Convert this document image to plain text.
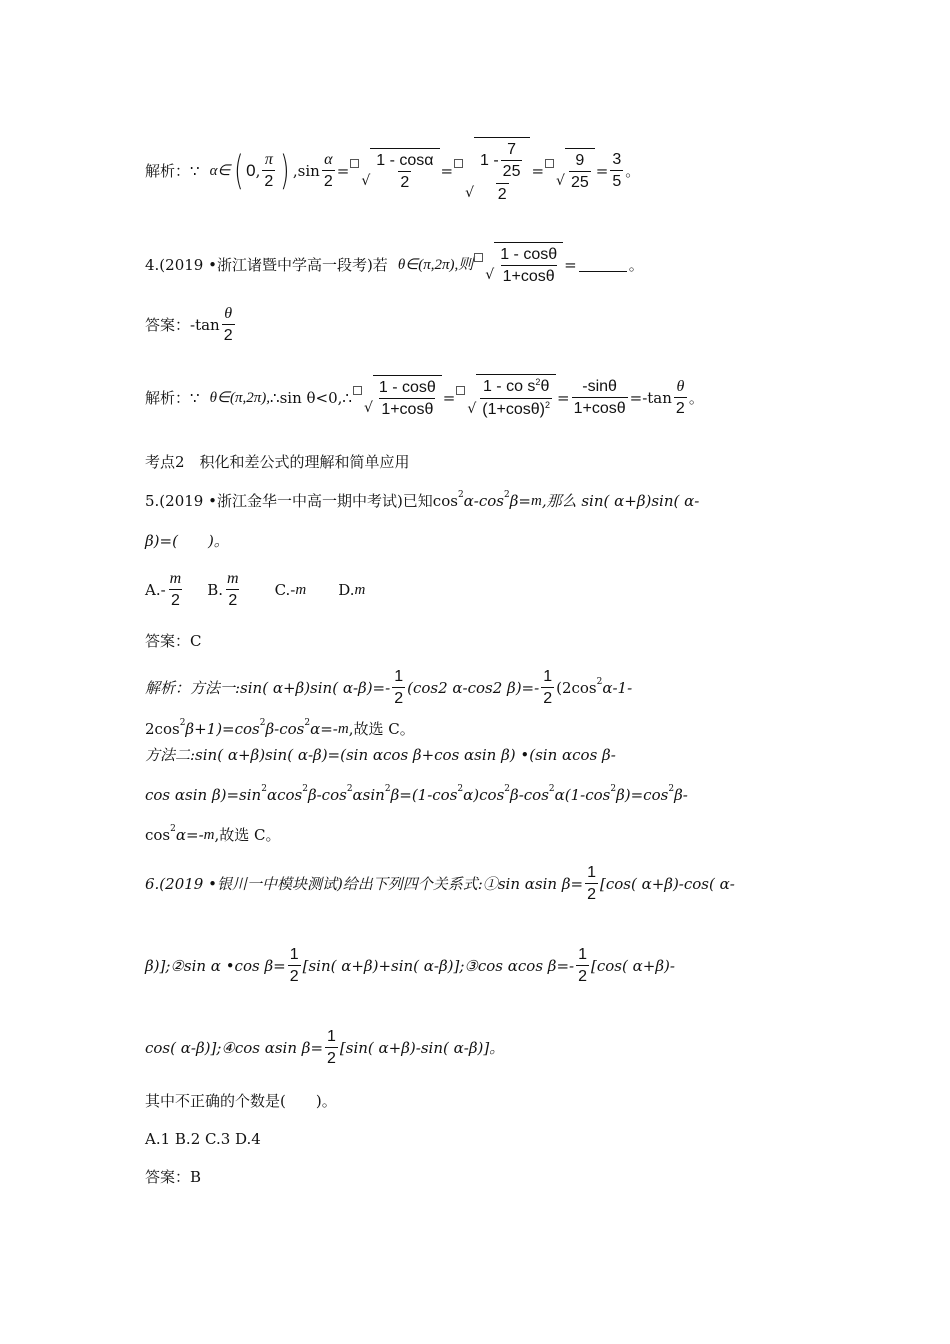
解析： ∵ α∈ ( 0 , $\frac{\pi}{2}$ ) , $\sin \frac{\alpha}{2}$ =
√ $\frac{1 - \cos\alpha}{2}$ =
√ $\frac{1 - \frac{7}{25}}{2}$ =
√ $\frac{9}{25} = \frac{3}{5}$ 。
4.(2019 •浙江诸暨中学高一段考)若 θ∈(π,2π),则
√ $\frac{1 - \cos\theta}{1+\cos\theta}$ =	。
答案： $-\tan \frac{\theta}{2}$
解析： ∵ θ∈(π,2π), ∴sin θ<0,∴
√ $\frac{1 - \cos\theta}{1+\cos\theta}$ =
√ $\frac{1 - co s^2\theta}{(1+\cos\theta)^2} = \frac{-\sin\theta}{1+\cos\theta} =-\tan \frac{\theta}{2}$ 。
考点2　积化和差公式的理解和简单应用
5.(2019 •浙江金华一中高一期中考试)已知$\cos^2 \alpha-\cos^2$ β= m ,那么 sin( α+β)sin( α-
β)=(　　)。
$A.- \frac{m}{2} B$. $\frac{m}{2} C.-$ m D. m
答案：C
解析：方法一:sin( α+β)sin( $\alpha-\beta)=- \frac{1}{2} (\cos 2$ α-cos2 $\beta)=- \frac{1}{2} (2\cos^2$ α-1-
$2\cos^2$ $\beta+1)=\cos^2$ $\beta-\cos^2$ α=- m ,故选 C。
方法二:sin( α+β)sin( α-β)=(sin αcos β+cos αsin β) •(sin αcos β-
cos αsin $\beta)=\sin^2$ αcos$^2$ $\beta-\cos^2$ αsin$^2$ $\beta=(1-\cos^2$ $\alpha)\cos^2$ $\beta-\cos^2$ $\alpha(1-\cos^2$ $\beta)=\cos^2$ β-
$\cos^2 \alpha=-$ m ,故选 C。
6.(2019 •银川一中模块测试)给出下列四个关系式:①sin αsin $\beta= \frac{1}{2} [\cos$( α+β)-cos( α-
β)];②sin α •cos $\beta= \frac{1}{2} [\sin$( α+β)+sin( α-β)];③cos αcos $\beta=- \frac{1}{2} [\cos$( α+β)-
cos( α-β)];④cos αsin $\beta= \frac{1}{2} [\sin$( α+β)-sin( α-β)]。
其中不正确的个数是(　　)。
A.1 B.2 C.3 D.4
答案：B
